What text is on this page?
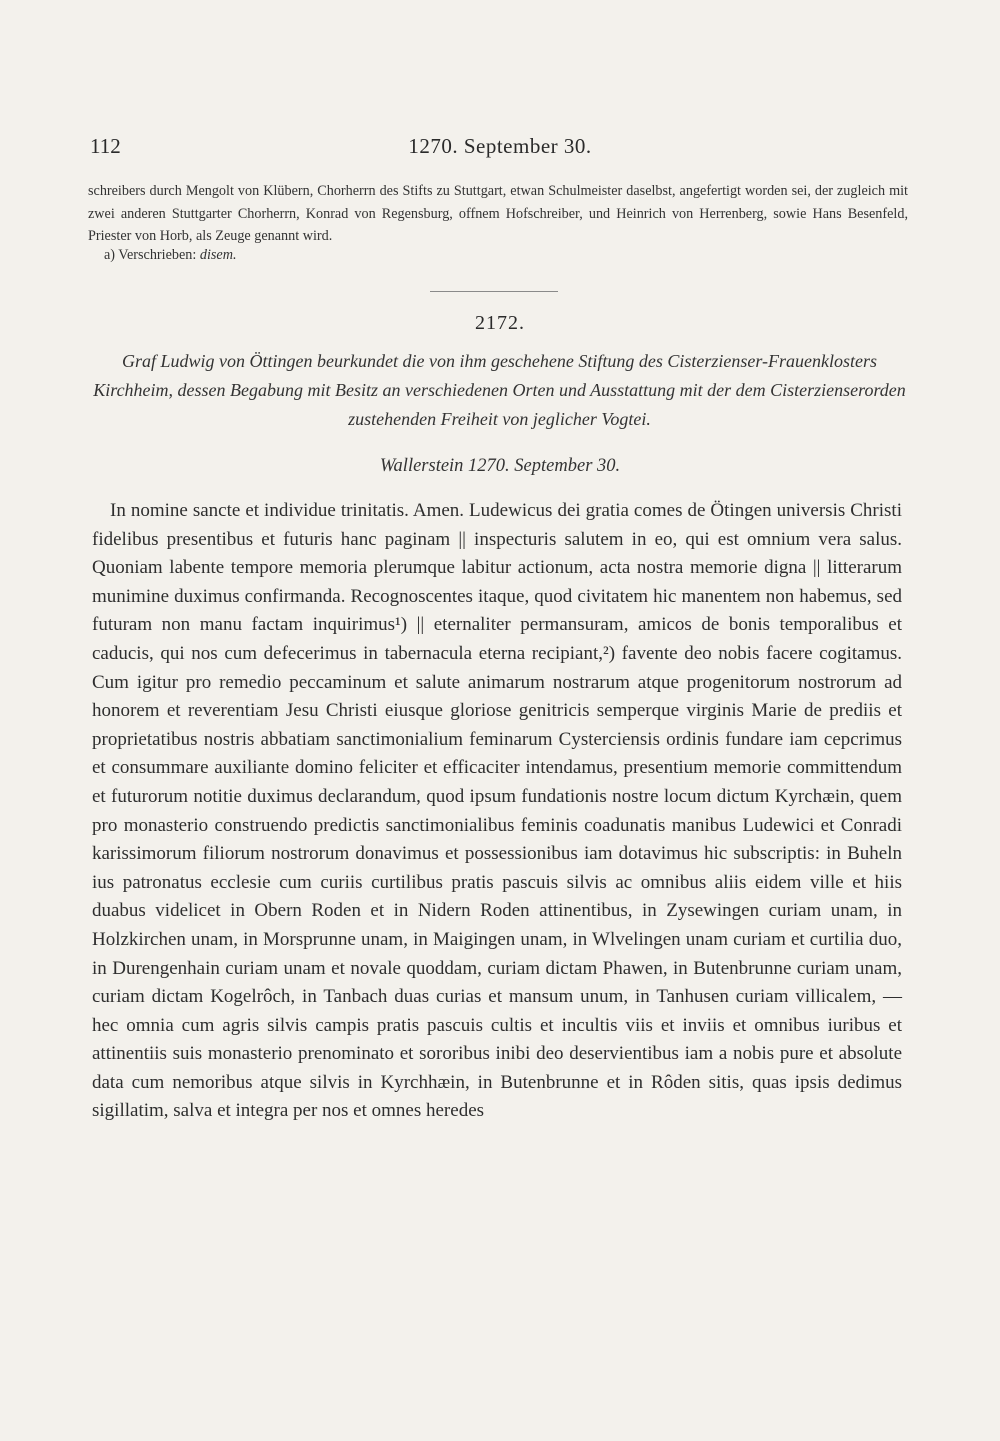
112	1270. September 30.

schreibers durch Mengolt von Klübern, Chorherrn des Stifts zu Stuttgart, etwan Schulmeister daselbst, angefertigt worden sei, der zugleich mit zwei anderen Stuttgarter Chorherrn, Konrad von Regensburg, offnem Hofschreiber, und Heinrich von Herrenberg, sowie Hans Besenfeld, Priester von Horb, als Zeuge genannt wird.

a) Verschrieben: disem.
2172.
Graf Ludwig von Öttingen beurkundet die von ihm geschehene Stiftung des Cisterzienser-Frauenklosters Kirchheim, dessen Begabung mit Besitz an verschiedenen Orten und Ausstattung mit der dem Cisterzienserorden zustehenden Freiheit von jeglicher Vogtei.
Wallerstein 1270. September 30.

In nomine sancte et individue trinitatis. Amen. Ludewicus dei gratia comes de Ötingen universis Christi fidelibus presentibus et futuris hanc paginam || inspecturis salutem in eo, qui est omnium vera salus. Quoniam labente tempore memoria plerumque labitur actionum, acta nostra memorie digna || litterarum munimine duximus confirmanda. Recognoscentes itaque, quod civitatem hic manentem non habemus, sed futuram non manu factam inquirimus¹) || eternaliter permansuram, amicos de bonis temporalibus et caducis, qui nos cum defecerimus in tabernacula eterna recipiant,²) favente deo nobis facere cogitamus. Cum igitur pro remedio peccaminum et salute animarum nostrarum atque progenitorum nostrorum ad honorem et reverentiam Jesu Christi eiusque gloriose genitricis semperque virginis Marie de prediis et proprietatibus nostris abbatiam sanctimonialium feminarum Cysterciensis ordinis fundare iam cepcrimus et consummare auxiliante domino feliciter et efficaciter intendamus, presentium memorie committendum et futurorum notitie duximus declarandum, quod ipsum fundationis nostre locum dictum Kyrchæin, quem pro monasterio construendo predictis sanctimonialibus feminis coadunatis manibus Ludewici et Conradi karissimorum filiorum nostrorum donavimus et possessionibus iam dotavimus hic subscriptis: in Buheln ius patronatus ecclesie cum curiis curtilibus pratis pascuis silvis ac omnibus aliis eidem ville et hiis duabus videlicet in Obern Roden et in Nidern Roden attinentibus, in Zysewingen curiam unam, in Holzkirchen unam, in Morsprunne unam, in Maigingen unam, in Wlvelingen unam curiam et curtilia duo, in Durengenhain curiam unam et novale quoddam, curiam dictam Phawen, in Butenbrunne curiam unam, curiam dictam Kogelrôch, in Tanbach duas curias et mansum unum, in Tanhusen curiam villicalem, — hec omnia cum agris silvis campis pratis pascuis cultis et incultis viis et inviis et omnibus iuribus et attinentiis suis monasterio prenominato et sororibus inibi deo deservientibus iam a nobis pure et absolute data cum nemoribus atque silvis in Kyrchhæin, in Butenbrunne et in Rôden sitis, quas ipsis dedimus sigillatim, salva et integra per nos et omnes heredes
